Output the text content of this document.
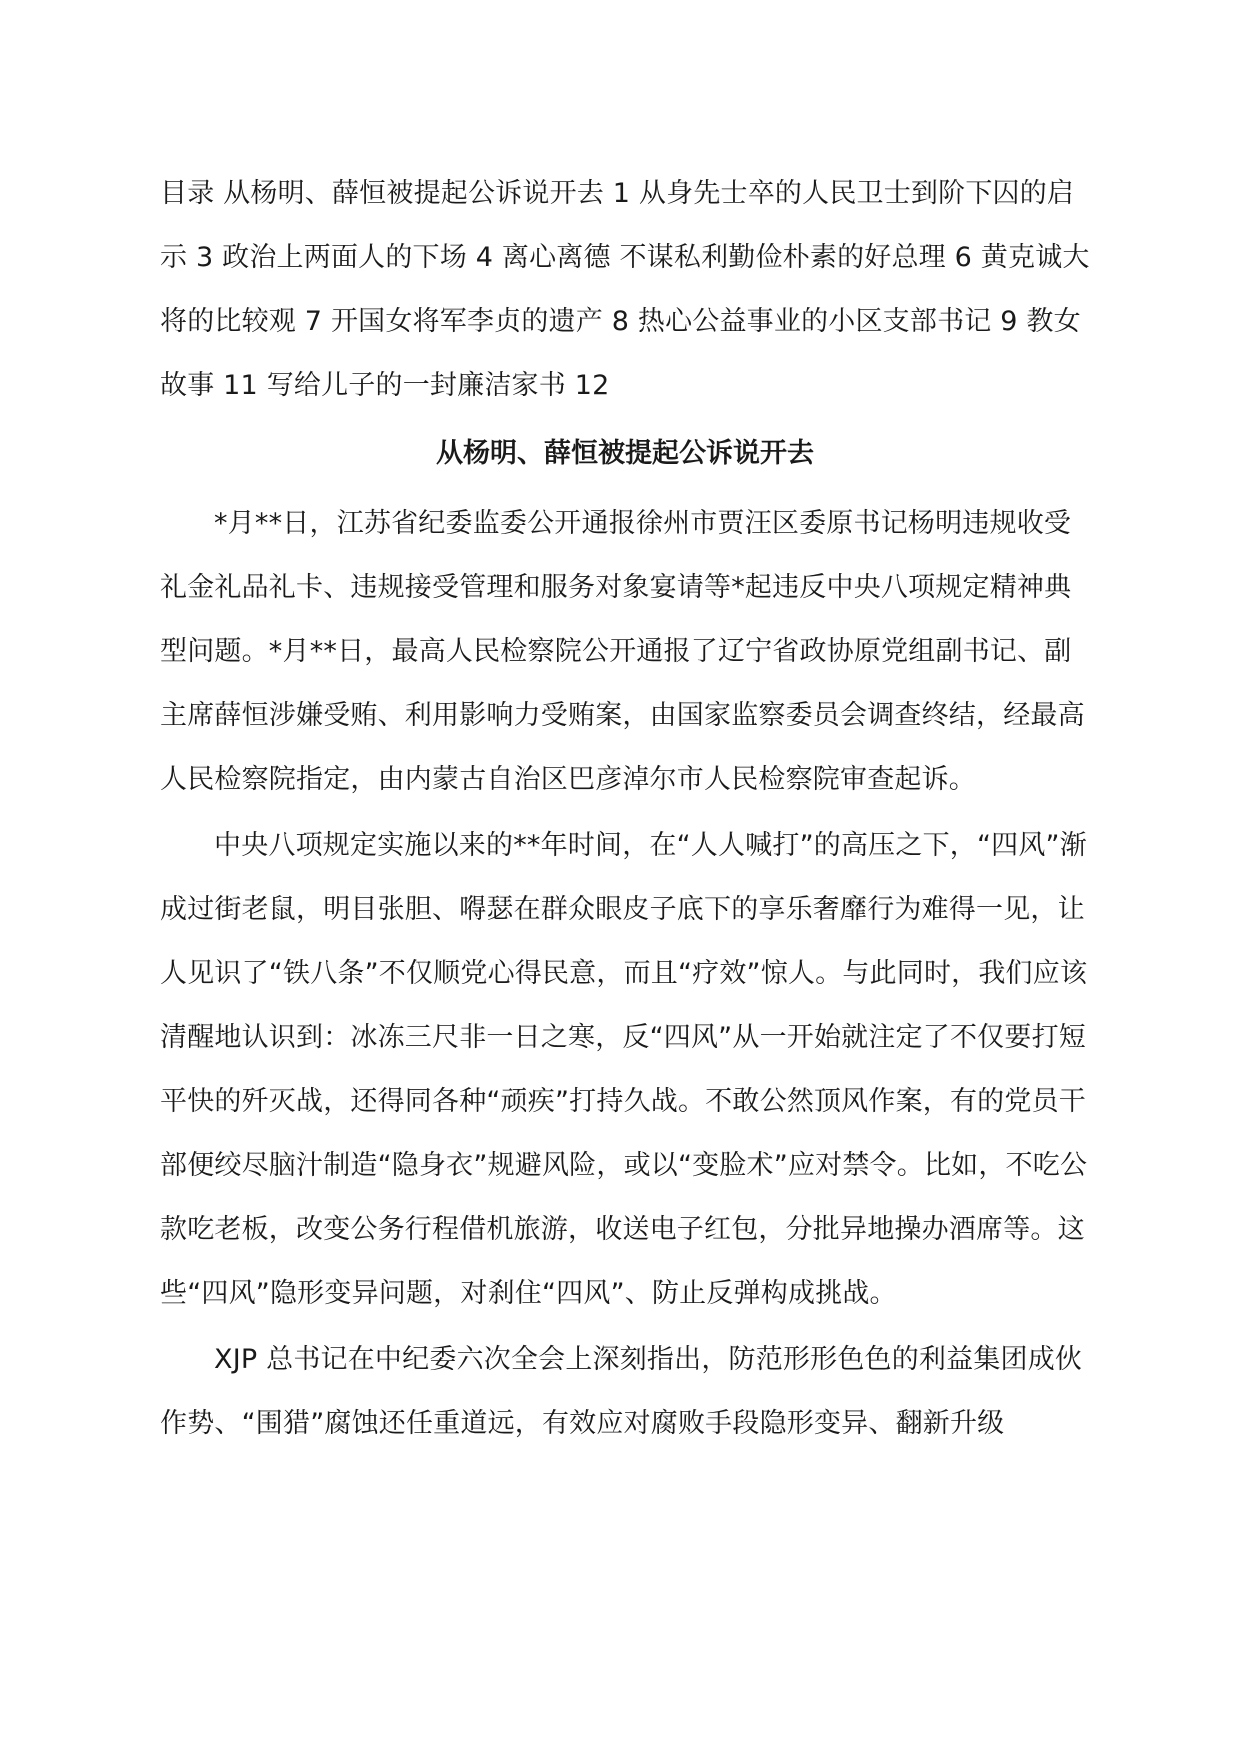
目录 从杨明、薛恒被提起公诉说开去 1 从身先士卒的人民卫士到阶下囚的启示 3 政治上两面人的下场 4 离心离德 不谋私利勤俭朴素的好总理 6 黄克诚大将的比较观 7 开国女将军李贞的遗产 8 热心公益事业的小区支部书记 9 教女故事 11 写给儿子的一封廉洁家书 12
从杨明、薛恒被提起公诉说开去

*月**日，江苏省纪委监委公开通报徐州市贾汪区委原书记杨明违规收受礼金礼品礼卡、违规接受管理和服务对象宴请等*起违反中央八项规定精神典型问题。*月**日，最高人民检察院公开通报了辽宁省政协原党组副书记、副主席薛恒涉嫌受贿、利用影响力受贿案，由国家监察委员会调查终结，经最高人民检察院指定，由内蒙古自治区巴彦淖尔市人民检察院审查起诉。

中央八项规定实施以来的**年时间，在“人人喊打”的高压之下，“四风”渐成过街老鼠，明目张胆、嘚瑟在群众眼皮子底下的享乐奢靡行为难得一见，让人见识了“铁八条”不仅顺党心得民意，而且“疗效”惊人。与此同时，我们应该清醒地认识到：冰冻三尺非一日之寒，反“四风”从一开始就注定了不仅要打短平快的歼灭战，还得同各种“顽疾”打持久战。不敢公然顶风作案，有的党员干部便绞尽脑汁制造“隐身衣”规避风险，或以“变脸术”应对禁令。比如，不吃公款吃老板，改变公务行程借机旅游，收送电子红包，分批异地操办酒席等。这些“四风”隐形变异问题，对刹住“四风”、防止反弹构成挑战。

XJP 总书记在中纪委六次全会上深刻指出，防范形形色色的利益集团成伙作势、“围猎”腐蚀还任重道远，有效应对腐败手段隐形变异、翻新升级
